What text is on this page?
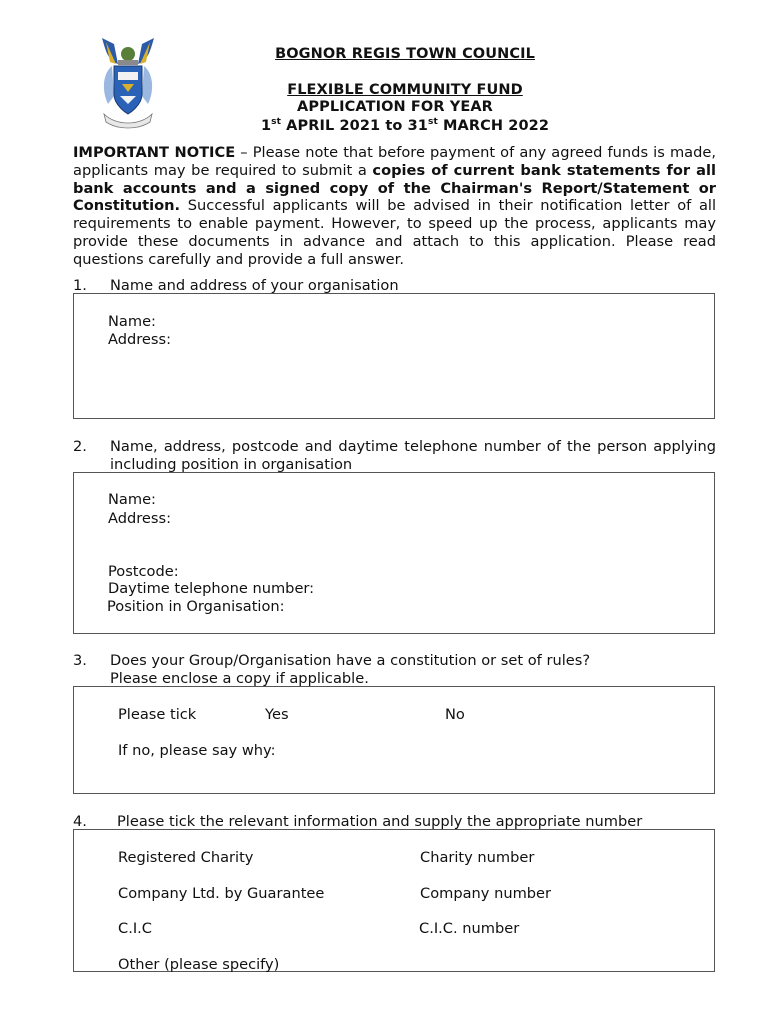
BOGNOR REGIS TOWN COUNCIL
FLEXIBLE COMMUNITY FUND
APPLICATION FOR YEAR
1st APRIL 2021 to 31st MARCH 2022
IMPORTANT NOTICE – Please note that before payment of any agreed funds is made, applicants may be required to submit a copies of current bank statements for all bank accounts and a signed copy of the Chairman's Report/Statement or Constitution. Successful applicants will be advised in their notification letter of all requirements to enable payment. However, to speed up the process, applicants may provide these documents in advance and attach to this application. Please read questions carefully and provide a full answer.
1. Name and address of your organisation
Name:
Address:
2. Name, address, postcode and daytime telephone number of the person applying including position in organisation
Name:
Address:
Postcode:
Daytime telephone number:
Position in Organisation:
3. Does your Group/Organisation have a constitution or set of rules?
Please enclose a copy if applicable.
Please tick	Yes	No
If no, please say why:
4. Please tick the relevant information and supply the appropriate number
Registered Charity	Charity number
Company Ltd. by Guarantee	Company number
C.I.C	C.I.C. number
Other (please specify)
